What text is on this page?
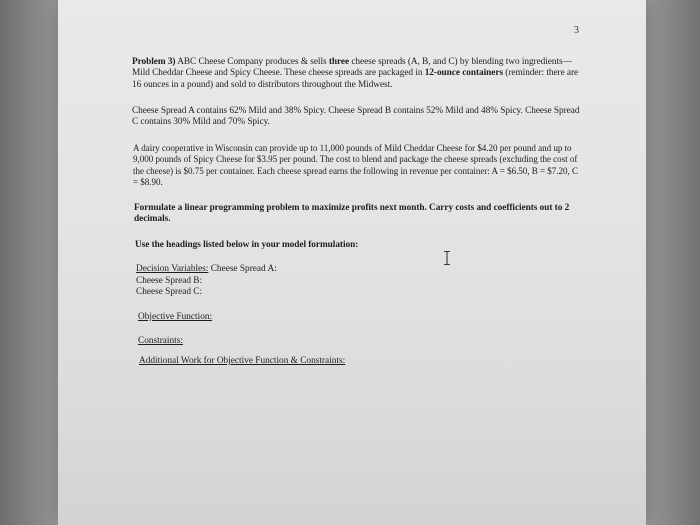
3
Problem 3) ABC Cheese Company produces & sells three cheese spreads (A, B, and C) by blending two ingredients—Mild Cheddar Cheese and Spicy Cheese. These cheese spreads are packaged in 12-ounce containers (reminder: there are 16 ounces in a pound) and sold to distributors throughout the Midwest.
Cheese Spread A contains 62% Mild and 38% Spicy. Cheese Spread B contains 52% Mild and 48% Spicy. Cheese Spread C contains 30% Mild and 70% Spicy.
A dairy cooperative in Wisconsin can provide up to 11,000 pounds of Mild Cheddar Cheese for $4.20 per pound and up to 9,000 pounds of Spicy Cheese for $3.95 per pound. The cost to blend and package the cheese spreads (excluding the cost of the cheese) is $0.75 per container. Each cheese spread earns the following in revenue per container: A = $6.50, B = $7.20, C = $8.90.
Formulate a linear programming problem to maximize profits next month. Carry costs and coefficients out to 2 decimals.
Use the headings listed below in your model formulation:
Decision Variables: Cheese Spread A:
Cheese Spread B:
Cheese Spread C:
Objective Function:
Constraints:
Additional Work for Objective Function & Constraints:
